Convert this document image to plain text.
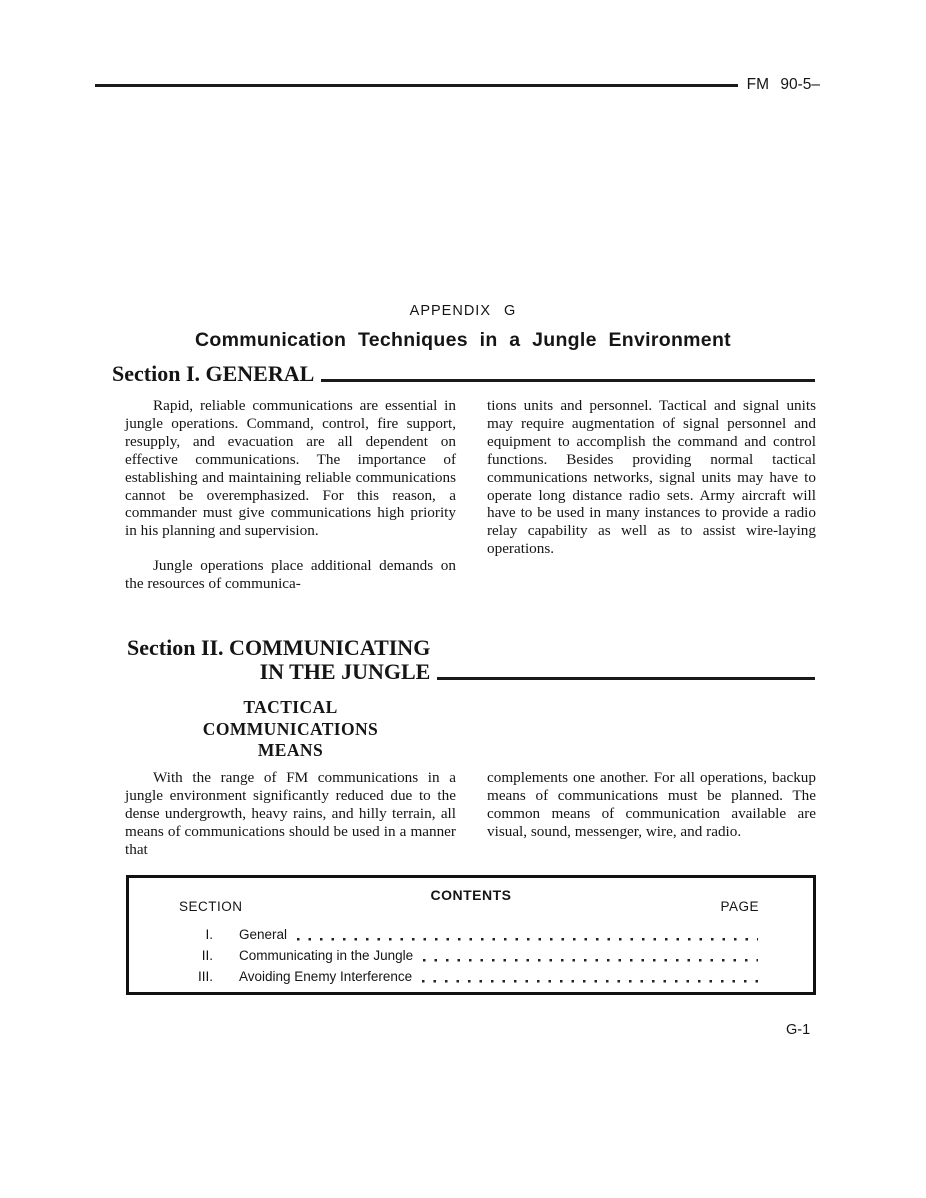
FM 90-5–
APPENDIX G
Communication Techniques in a Jungle Environment
Section I. GENERAL

Rapid, reliable communications are essential in jungle operations. Command, control, fire support, resupply, and evacuation are all dependent on effective communications. The importance of establishing and maintaining reliable communications cannot be overemphasized. For this reason, a commander must give communications high priority in his planning and supervision.

Jungle operations place additional demands on the resources of communica-

tions units and personnel. Tactical and signal units may require augmentation of signal personnel and equipment to accomplish the command and control functions. Besides providing normal tactical communications networks, signal units may have to operate long distance radio sets. Army aircraft will have to be used in many instances to provide a radio relay capability as well as to assist wire-laying operations.

Section II. COMMUNICATING
IN THE JUNGLE
TACTICAL
COMMUNICATIONS
MEANS

With the range of FM communications in a jungle environment significantly reduced due to the dense undergrowth, heavy rains, and hilly terrain, all means of communications should be used in a manner that

complements one another. For all operations, backup means of communications must be planned. The common means of communication available are visual, sound, messenger, wire, and radio.

CONTENTS
SECTION	PAGE
I. General
II. Communicating in the Jungle
III. Avoiding Enemy Interference
G-1
